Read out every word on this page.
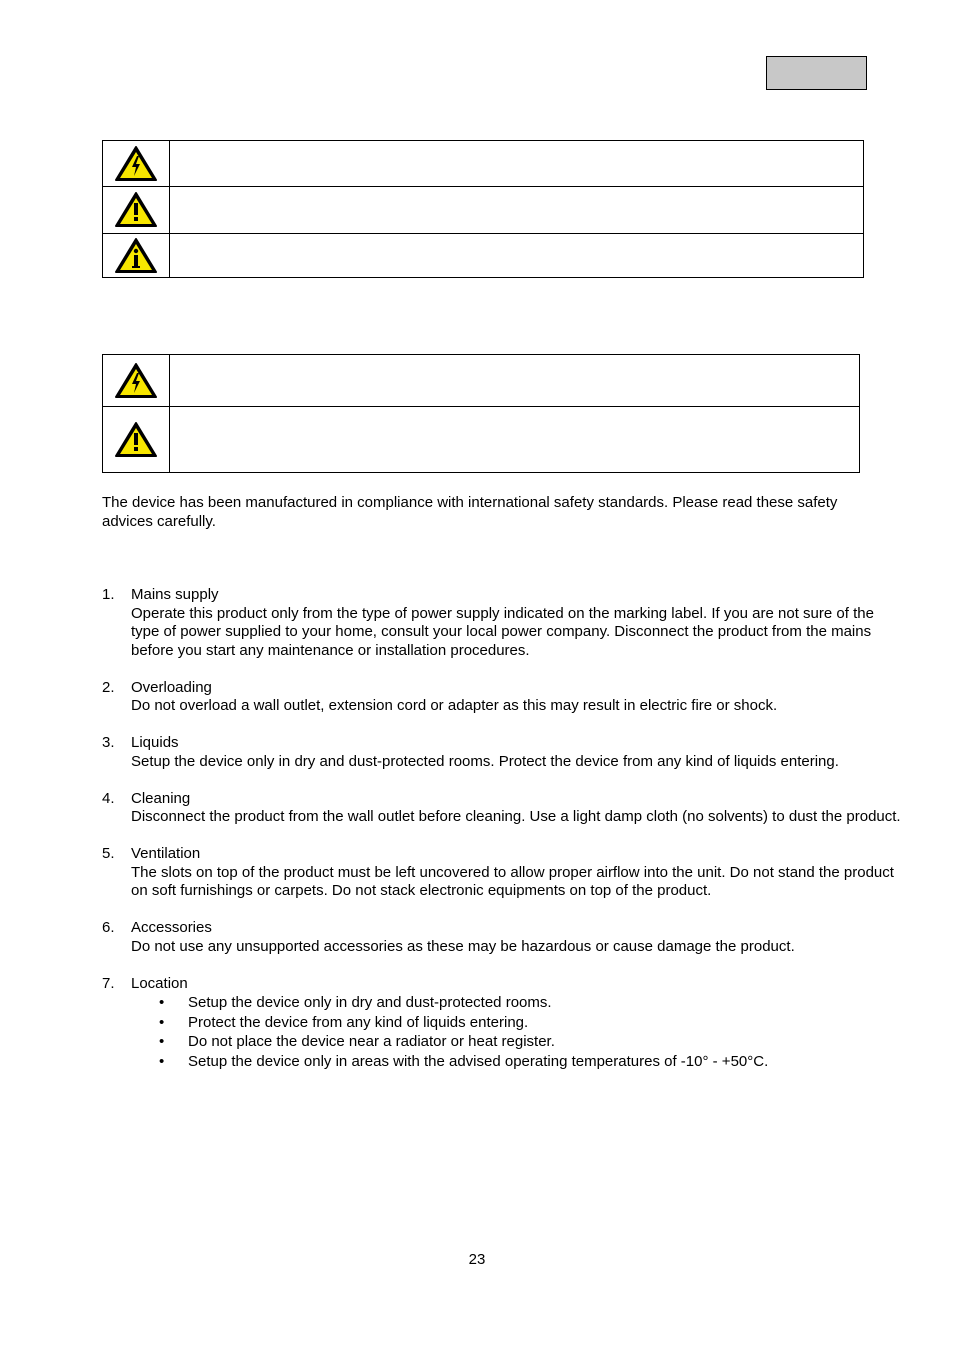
The device has been manufactured in compliance with international safety standards. Please read these safety advices carefully.

1. Mains supply
Operate this product only from the type of power supply indicated on the marking label. If you are not sure of the type of power supplied to your home, consult your local power company. Disconnect the product from the mains before you start any maintenance or installation procedures.
2. Overloading
Do not overload a wall outlet, extension cord or adapter as this may result in electric fire or shock.
3. Liquids
Setup the device only in dry and dust-protected rooms. Protect the device from any kind of liquids entering.
4. Cleaning
Disconnect the product from the wall outlet before cleaning. Use a light damp cloth (no solvents) to dust the product.
5. Ventilation
The slots on top of the product must be left uncovered to allow proper airflow into the unit. Do not stand the product on soft furnishings or carpets. Do not stack electronic equipments on top of the product.
6. Accessories
Do not use any unsupported accessories as these may be hazardous or cause damage the product.
7. Location
• Setup the device only in dry and dust-protected rooms.
• Protect the device from any kind of liquids entering.
• Do not place the device near a radiator or heat register.
• Setup the device only in areas with the advised operating temperatures of -10° - +50°C.
23
